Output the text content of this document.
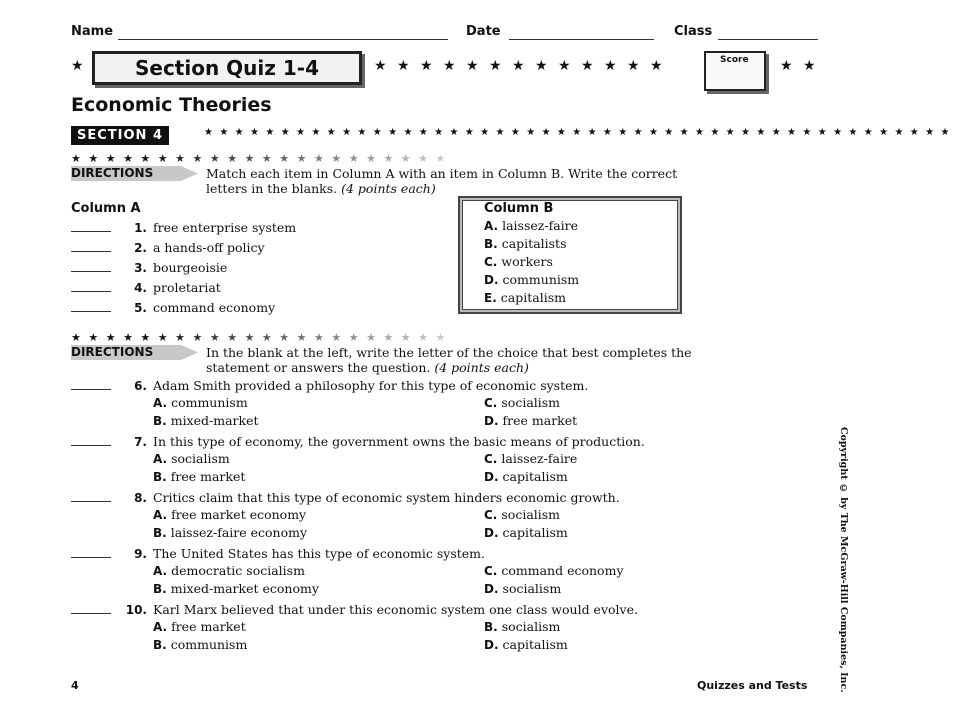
Name	Date	Class
★	Section Quiz 1-4	★ ★ ★ ★ ★ ★ ★ ★ ★ ★ ★ ★ ★	Score ★ ★
Economic Theories
SECTION 4	★ ★ ★ ★ ★ ★ ★ ★ ★ ★ ★ ★ ★ ★ ★ ★ ★ ★ ★ ★ ★ ★ ★ ★ ★ ★ ★ ★ ★ ★ ★ ★ ★ ★ ★ ★ ★ ★ ★ ★ ★ ★ ★ ★ ★ ★ ★ ★ ★
★ ★ ★ ★ ★ ★ ★ ★ ★ ★ ★ ★ ★ ★ ★ ★ ★ ★ ★ ★ ★ ★
DIRECTIONS	Match each item in Column A with an item in Column B. Write the correct
letters in the blanks. (4 points each)
Column A
1. free enterprise system
2. a hands-off policy
3. bourgeoisie
4. proletariat
5. command economy
Column B
A. laissez-faire
B. capitalists
C. workers
D. communism
E. capitalism
★ ★ ★ ★ ★ ★ ★ ★ ★ ★ ★ ★ ★ ★ ★ ★ ★ ★ ★ ★ ★ ★
DIRECTIONS	In the blank at the left, write the letter of the choice that best completes the
statement or answers the question. (4 points each)
6. Adam Smith provided a philosophy for this type of economic system.
A. communism	C. socialism
B. mixed-market	D. free market
7. In this type of economy, the government owns the basic means of production.
A. socialism	C. laissez-faire
B. free market	D. capitalism
8. Critics claim that this type of economic system hinders economic growth.
A. free market economy	C. socialism
B. laissez-faire economy	D. capitalism
9. The United States has this type of economic system.
A. democratic socialism	C. command economy
B. mixed-market economy	D. socialism
10. Karl Marx believed that under this economic system one class would evolve.
A. free market	B. socialism
B. communism	D. capitalism	Copyright © by The McGraw-Hill Companies, Inc.
4	Quizzes and Tests
